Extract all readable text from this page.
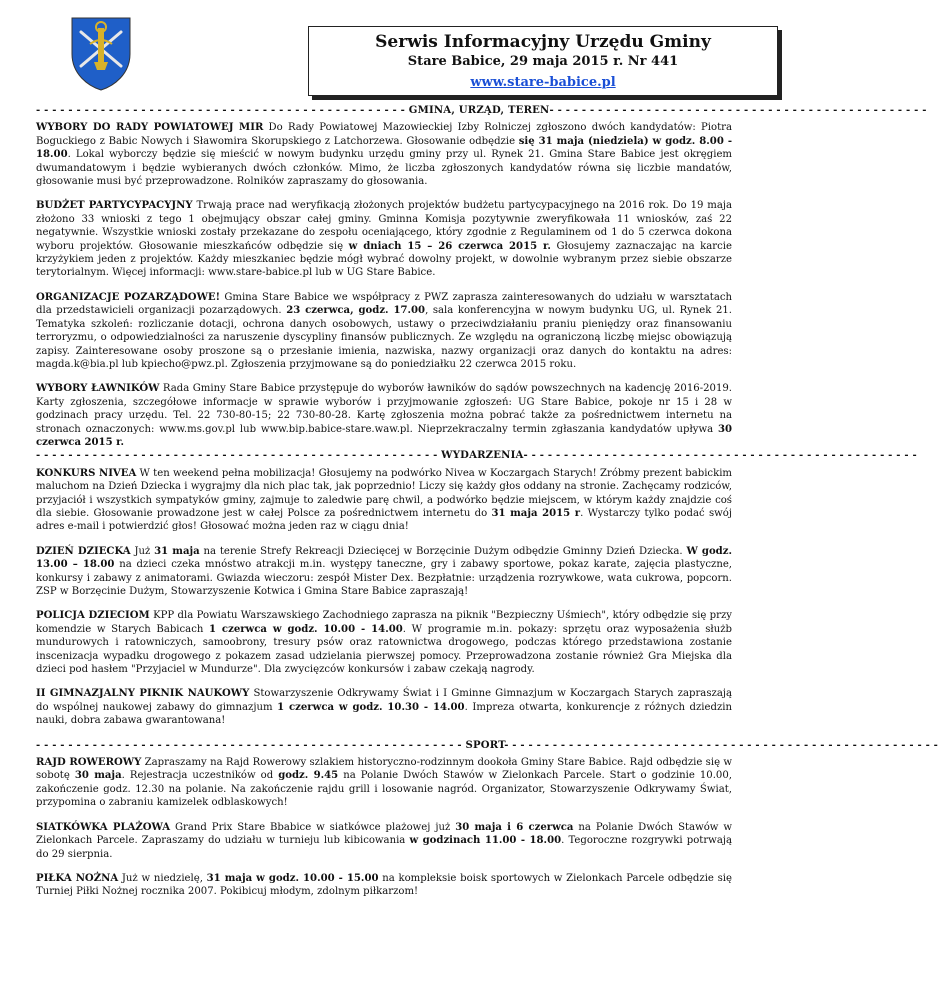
Serwis Informacyjny Urzędu Gminy
Stare Babice, 29 maja 2015 r. Nr 441
www.stare-babice.pl
- - - - - - - - - - - - - - - - - - - - - - - - - - - - - - - - - - - - - - - - - - - - - - GMINA, URZĄD, TEREN- - - - - - - - - - - - - - - - - - - - - - - - - - - - - - - - - - - - - - - - - - - - - - -

WYBORY DO RADY POWIATOWEJ MIR Do Rady Powiatowej Mazowieckiej Izby Rolniczej zgłoszono dwóch kandydatów: Piotra Boguckiego z Babic Nowych i Sławomira Skorupskiego z Latchorzewa. Głosowanie odbędzie się 31 maja (niedziela) w godz. 8.00 - 18.00. Lokal wyborczy będzie się mieścić w nowym budynku urzędu gminy przy ul. Rynek 21. Gmina Stare Babice jest okręgiem dwumandatowym i będzie wybieranych dwóch członków. Mimo, że liczba zgłoszonych kandydatów równa się liczbie mandatów, głosowanie musi być przeprowadzone. Rolników zapraszamy do głosowania.

BUDŻET PARTYCYPACYJNY Trwają prace nad weryfikacją złożonych projektów budżetu partycypacyjnego na 2016 rok. Do 19 maja złożono 33 wnioski z tego 1 obejmujący obszar całej gminy. Gminna Komisja pozytywnie zweryfikowała 11 wniosków, zaś 22 negatywnie. Wszystkie wnioski zostały przekazane do zespołu oceniającego, który zgodnie z Regulaminem od 1 do 5 czerwca dokona wyboru projektów. Głosowanie mieszkańców odbędzie się w dniach 15 – 26 czerwca 2015 r. Głosujemy zaznaczając na karcie krzyżykiem jeden z projektów. Każdy mieszkaniec będzie mógł wybrać dowolny projekt, w dowolnie wybranym przez siebie obszarze terytorialnym. Więcej informacji: www.stare-babice.pl lub w UG Stare Babice.

ORGANIZACJE POZARZĄDOWE! Gmina Stare Babice we współpracy z PWZ zaprasza zainteresowanych do udziału w warsztatach dla przedstawicieli organizacji pozarządowych. 23 czerwca, godz. 17.00, sala konferencyjna w nowym budynku UG, ul. Rynek 21. Tematyka szkoleń: rozliczanie dotacji, ochrona danych osobowych, ustawy o przeciwdziałaniu praniu pieniędzy oraz finansowaniu terroryzmu, o odpowiedzialności za naruszenie dyscypliny finansów publicznych. Ze względu na ograniczoną liczbę miejsc obowiązują zapisy. Zainteresowane osoby proszone są o przesłanie imienia, nazwiska, nazwy organizacji oraz danych do kontaktu na adres: magda.k@bia.pl lub kpiecho@pwz.pl. Zgłoszenia przyjmowane są do poniedziałku 22 czerwca 2015 roku.

WYBORY ŁAWNIKÓW Rada Gminy Stare Babice przystępuje do wyborów ławników do sądów powszechnych na kadencję 2016-2019. Karty zgłoszenia, szczegółowe informacje w sprawie wyborów i przyjmowanie zgłoszeń: UG Stare Babice, pokoje nr 15 i 28 w godzinach pracy urzędu. Tel. 22 730-80-15; 22 730-80-28. Kartę zgłoszenia można pobrać także za pośrednictwem internetu na stronach oznaczonych: www.ms.gov.pl lub www.bip.babice-stare.waw.pl. Nieprzekraczalny termin zgłaszania kandydatów upływa 30 czerwca 2015 r.

- - - - - - - - - - - - - - - - - - - - - - - - - - - - - - - - - - - - - - - - - - - - - - - - - - WYDARZENIA- - - - - - - - - - - - - - - - - - - - - - - - - - - - - - - - - - - - - - - - - - - - - - - - -

KONKURS NIVEA W ten weekend pełna mobilizacja! Głosujemy na podwórko Nivea w Koczargach Starych! Zróbmy prezent babickim maluchom na Dzień Dziecka i wygrajmy dla nich plac tak, jak poprzednio! Liczy się każdy głos oddany na stronie. Zachęcamy rodziców, przyjaciół i wszystkich sympatyków gminy, zajmuje to zaledwie parę chwil, a podwórko będzie miejscem, w którym każdy znajdzie coś dla siebie. Głosowanie prowadzone jest w całej Polsce za pośrednictwem internetu do 31 maja 2015 r. Wystarczy tylko podać swój adres e-mail i potwierdzić głos! Głosować można jeden raz w ciągu dnia!

DZIEŃ DZIECKA Już 31 maja na terenie Strefy Rekreacji Dziecięcej w Borzęcinie Dużym odbędzie Gminny Dzień Dziecka. W godz. 13.00 – 18.00 na dzieci czeka mnóstwo atrakcji m.in. występy taneczne, gry i zabawy sportowe, pokaz karate, zajęcia plastyczne, konkursy i zabawy z animatorami. Gwiazda wieczoru: zespół Mister Dex. Bezpłatnie: urządzenia rozrywkowe, wata cukrowa, popcorn. ZSP w Borzęcinie Dużym, Stowarzyszenie Kotwica i Gmina Stare Babice zapraszają!

POLICJA DZIECIOM KPP dla Powiatu Warszawskiego Zachodniego zaprasza na piknik "Bezpieczny Uśmiech", który odbędzie się przy komendzie w Starych Babicach 1 czerwca w godz. 10.00 - 14.00. W programie m.in. pokazy: sprzętu oraz wyposażenia służb mundurowych i ratowniczych, samoobrony, tresury psów oraz ratownictwa drogowego, podczas którego przedstawiona zostanie inscenizacja wypadku drogowego z pokazem zasad udzielania pierwszej pomocy. Przeprowadzona zostanie również Gra Miejska dla dzieci pod hasłem "Przyjaciel w Mundurze". Dla zwycięzców konkursów i zabaw czekają nagrody.

II GIMNAZJALNY PIKNIK NAUKOWY Stowarzyszenie Odkrywamy Świat i I Gminne Gimnazjum w Koczargach Starych zapraszają do wspólnej naukowej zabawy do gimnazjum 1 czerwca w godz. 10.30 - 14.00. Impreza otwarta, konkurencje z różnych dziedzin nauki, dobra zabawa gwarantowana!

- - - - - - - - - - - - - - - - - - - - - - - - - - - - - - - - - - - - - - - - - - - - - - - - - - - - - SPORT- - - - - - - - - - - - - - - - - - - - - - - - - - - - - - - - - - - - - - - - - - - - - - - - - - - - - -

RAJD ROWEROWY Zapraszamy na Rajd Rowerowy szlakiem historyczno-rodzinnym dookoła Gminy Stare Babice. Rajd odbędzie się w sobotę 30 maja. Rejestracja uczestników od godz. 9.45 na Polanie Dwóch Stawów w Zielonkach Parcele. Start o godzinie 10.00, zakończenie godz. 12.30 na polanie. Na zakończenie rajdu grill i losowanie nagród. Organizator, Stowarzyszenie Odkrywamy Świat, przypomina o zabraniu kamizelek odblaskowych!

SIATKÓWKA PLAŻOWA Grand Prix Stare Bbabice w siatkówce plażowej już 30 maja i 6 czerwca na Polanie Dwóch Stawów w Zielonkach Parcele. Zapraszamy do udziału w turnieju lub kibicowania w godzinach 11.00 - 18.00. Tegoroczne rozgrywki potrwają do 29 sierpnia.

PIŁKA NOŻNA Już w niedzielę, 31 maja w godz. 10.00 - 15.00 na kompleksie boisk sportowych w Zielonkach Parcele odbędzie się Turniej Piłki Nożnej rocznika 2007. Pokibicuj młodym, zdolnym piłkarzom!
